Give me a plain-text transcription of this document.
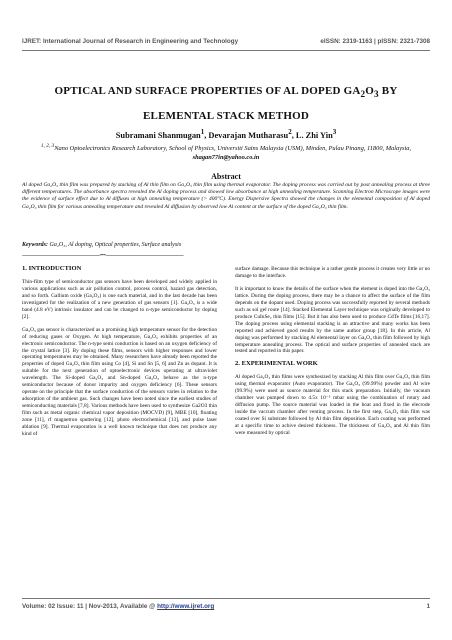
IJRET: International Journal of Research in Engineering and Technology	eISSN: 2319-1163 | pISSN: 2321-7308
OPTICAL AND SURFACE PROPERTIES OF AL DOPED $GA_2O_3$ BY
ELEMENTAL STACK METHOD
Subramani Shanmugan$^1$, Devarajan Mutharasu$^2$, L. Zhi Yin$^3$
$^{1, 2, 3}$Nano Optoelectronics Research Laboratory, School of Physics, Universiti Sains Malaysia (USM), Minden, Pulau Pinang, 11800, Malaysia, shagan77in@yahoo.co.in
Abstract
Al doped Ga₂O₃ thin film was prepared by stacking of Al thin film on Ga₂O₃ thin film using thermal evaporator. The doping process was carried out by post annealing process at three different temperatures. The absorbance spectra revealed the Al doping process and showed low absorbance at high annealing temperature. Scanning Electron Microscope images were the evidence of surface effect due to Al diffuses at high annealing temperature (> 400°C). Energy Dispersive Spectra showed the changes in the elemental composition of Al doped Ga₂O₃ thin film for various annealing temperature and revealed Al diffusion by observed low Al content at the surface of the doped Ga₂O₃ thin film.
Keywords: Ga₂O₃, Al doping, Optical properties, Surface analysis
-------------------------------------------------------------------------***-------------------------------------------------------------------------
1. INTRODUCTION

Thin-film type of semiconductor gas sensors have been developed and widely applied in various applications such as air pollution control, process control, hazard gas detection, and so forth. Gallium oxide (Ga₂O₃) is one such material, and in the last decade has been investigated for the realization of a new generation of gas sensors [1]. Ga₂O₃ is a wide band (4.8 eV) intrinsic insulator and can be changed to n-type semiconductor by doping [2].

Ga₂O₃ gas sensor is characterized as a promising high temperature sensor for the detection of reducing gases or Oxygen. At high temperature, Ga₂O₃ exhibits properties of an electronic semiconductor. The n-type semi conduction is based on an oxygen deficiency of the crystal lattice [3]. By doping these films, sensors with higher responses and lower operating temperatures may be obtained. Many researchers have already been reported the properties of doped Ga₂O₃ thin film using Co [4], Si and Sn [5, 6] and Zn as dopant. It is suitable for the next generation of optoelectronic devices operating at ultraviolet wavelength. The Si-doped Ga₂O₃ and Sn-doped Ga₂O₃ behave as the n-type semiconductor because of donor impurity and oxygen deficiency [6]. These sensors operate on the principle that the surface conduction of the sensors varies in relation to the adsorption of the ambient gas. Such changes have been noted since the earliest studies of semiconducting materials [7,8]. Various methods have been used to synthesize Ga2O3 thin film such as metal organic chemical vapor deposition (MOCVD) [9], MBE [10], floating zone [11], rf magnetron sputtering [12], photo electrochemical [13], and pulse laser ablation [9]. Thermal evaporation is a well known technique that does not produce any kind of

surface damage. Because this technique is a rather gentle process it creates very little or no damage to the interface.

It is important to know the details of the surface when the element is doped into the Ga₂O₃ lattice. During the doping process, there may be a chance to affect the surface of the film depends on the dopant used. Doping process was successfully reported by several methods such as sol gel route [14]. Stacked Elemental Layer technique was originally developed to produce CuInSe₂ thin films [15]. But it has also been used to produce CdTe films [16,17]. The doping process using elemental stacking is an attractive and many works has been reported and achieved good results by the same author group [18]. In this article, Al doping was performed by stacking Al elemental layer on Ga₂O₃ thin film followed by high temperature annealing process. The optical and surface properties of annealed stack are tested and reported in this paper.

2. EXPERIMENTAL WORK

Al doped Ga₂O₃ thin films were synthesized by stacking Al thin film over Ga₂O₃ thin film using thermal evaporator (Auto evaporator). The Ga₂O₃ (99.99%) powder and Al wire (99.9%) were used as source material for this stack preparation. Initially, the vacuum chamber was pumped down to 4.5x 10⁻⁵ mbar using the combination of rotary and diffusion pump. The source material was loaded in the boat and fixed in the elecrode inside the vaccum chamber after venting process. In the first step, Ga₂O₃ thin film was coated over Si substrate followed by Al thin film deposition. Each coating was performed at a specific time to achive desired thickness. The thickness of Ga₂O₃ and Al thin film were measured by optical

Volume: 02 Issue: 11 | Nov-2013, Available @ http://www.ijret.org	1
